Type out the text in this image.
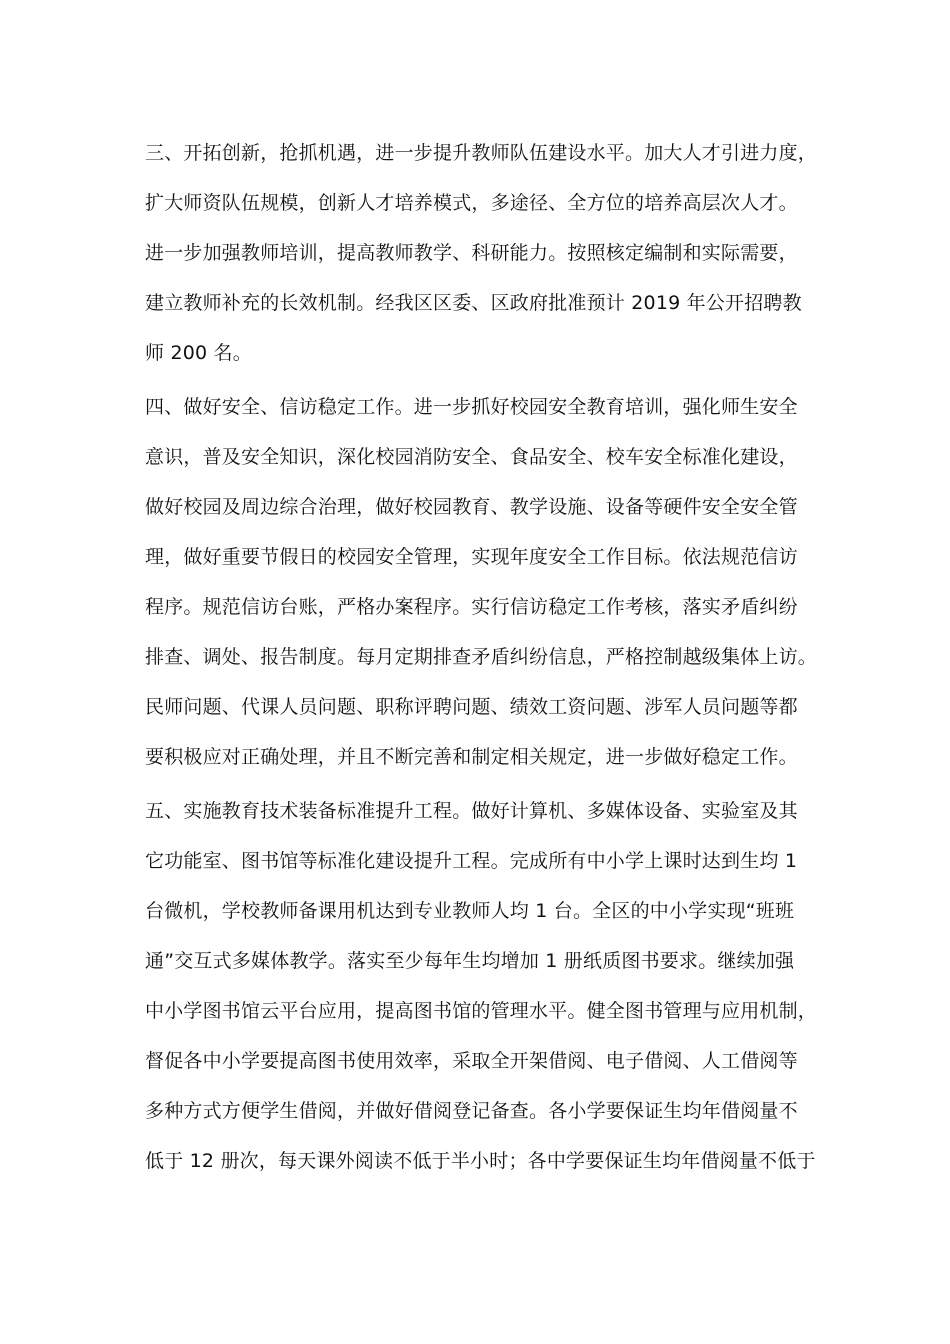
三、开拓创新，抢抓机遇，进一步提升教师队伍建设水平。加大人才引进力度，
扩大师资队伍规模，创新人才培养模式，多途径、全方位的培养高层次人才。
进一步加强教师培训，提高教师教学、科研能力。按照核定编制和实际需要，
建立教师补充的长效机制。经我区区委、区政府批准预计 2019 年公开招聘教
师 200 名。
四、做好安全、信访稳定工作。进一步抓好校园安全教育培训，强化师生安全
意识，普及安全知识，深化校园消防安全、食品安全、校车安全标准化建设，
做好校园及周边综合治理，做好校园教育、教学设施、设备等硬件安全安全管
理，做好重要节假日的校园安全管理，实现年度安全工作目标。依法规范信访
程序。规范信访台账，严格办案程序。实行信访稳定工作考核，落实矛盾纠纷
排查、调处、报告制度。每月定期排查矛盾纠纷信息，严格控制越级集体上访。
民师问题、代课人员问题、职称评聘问题、绩效工资问题、涉军人员问题等都
要积极应对正确处理，并且不断完善和制定相关规定，进一步做好稳定工作。
五、实施教育技术装备标准提升工程。做好计算机、多媒体设备、实验室及其
它功能室、图书馆等标准化建设提升工程。完成所有中小学上课时达到生均 1
台微机，学校教师备课用机达到专业教师人均 1 台。全区的中小学实现“班班
通”交互式多媒体教学。落实至少每年生均增加 1 册纸质图书要求。继续加强
中小学图书馆云平台应用，提高图书馆的管理水平。健全图书管理与应用机制，
督促各中小学要提高图书使用效率，采取全开架借阅、电子借阅、人工借阅等
多种方式方便学生借阅，并做好借阅登记备查。各小学要保证生均年借阅量不
低于 12 册次，每天课外阅读不低于半小时；各中学要保证生均年借阅量不低于
